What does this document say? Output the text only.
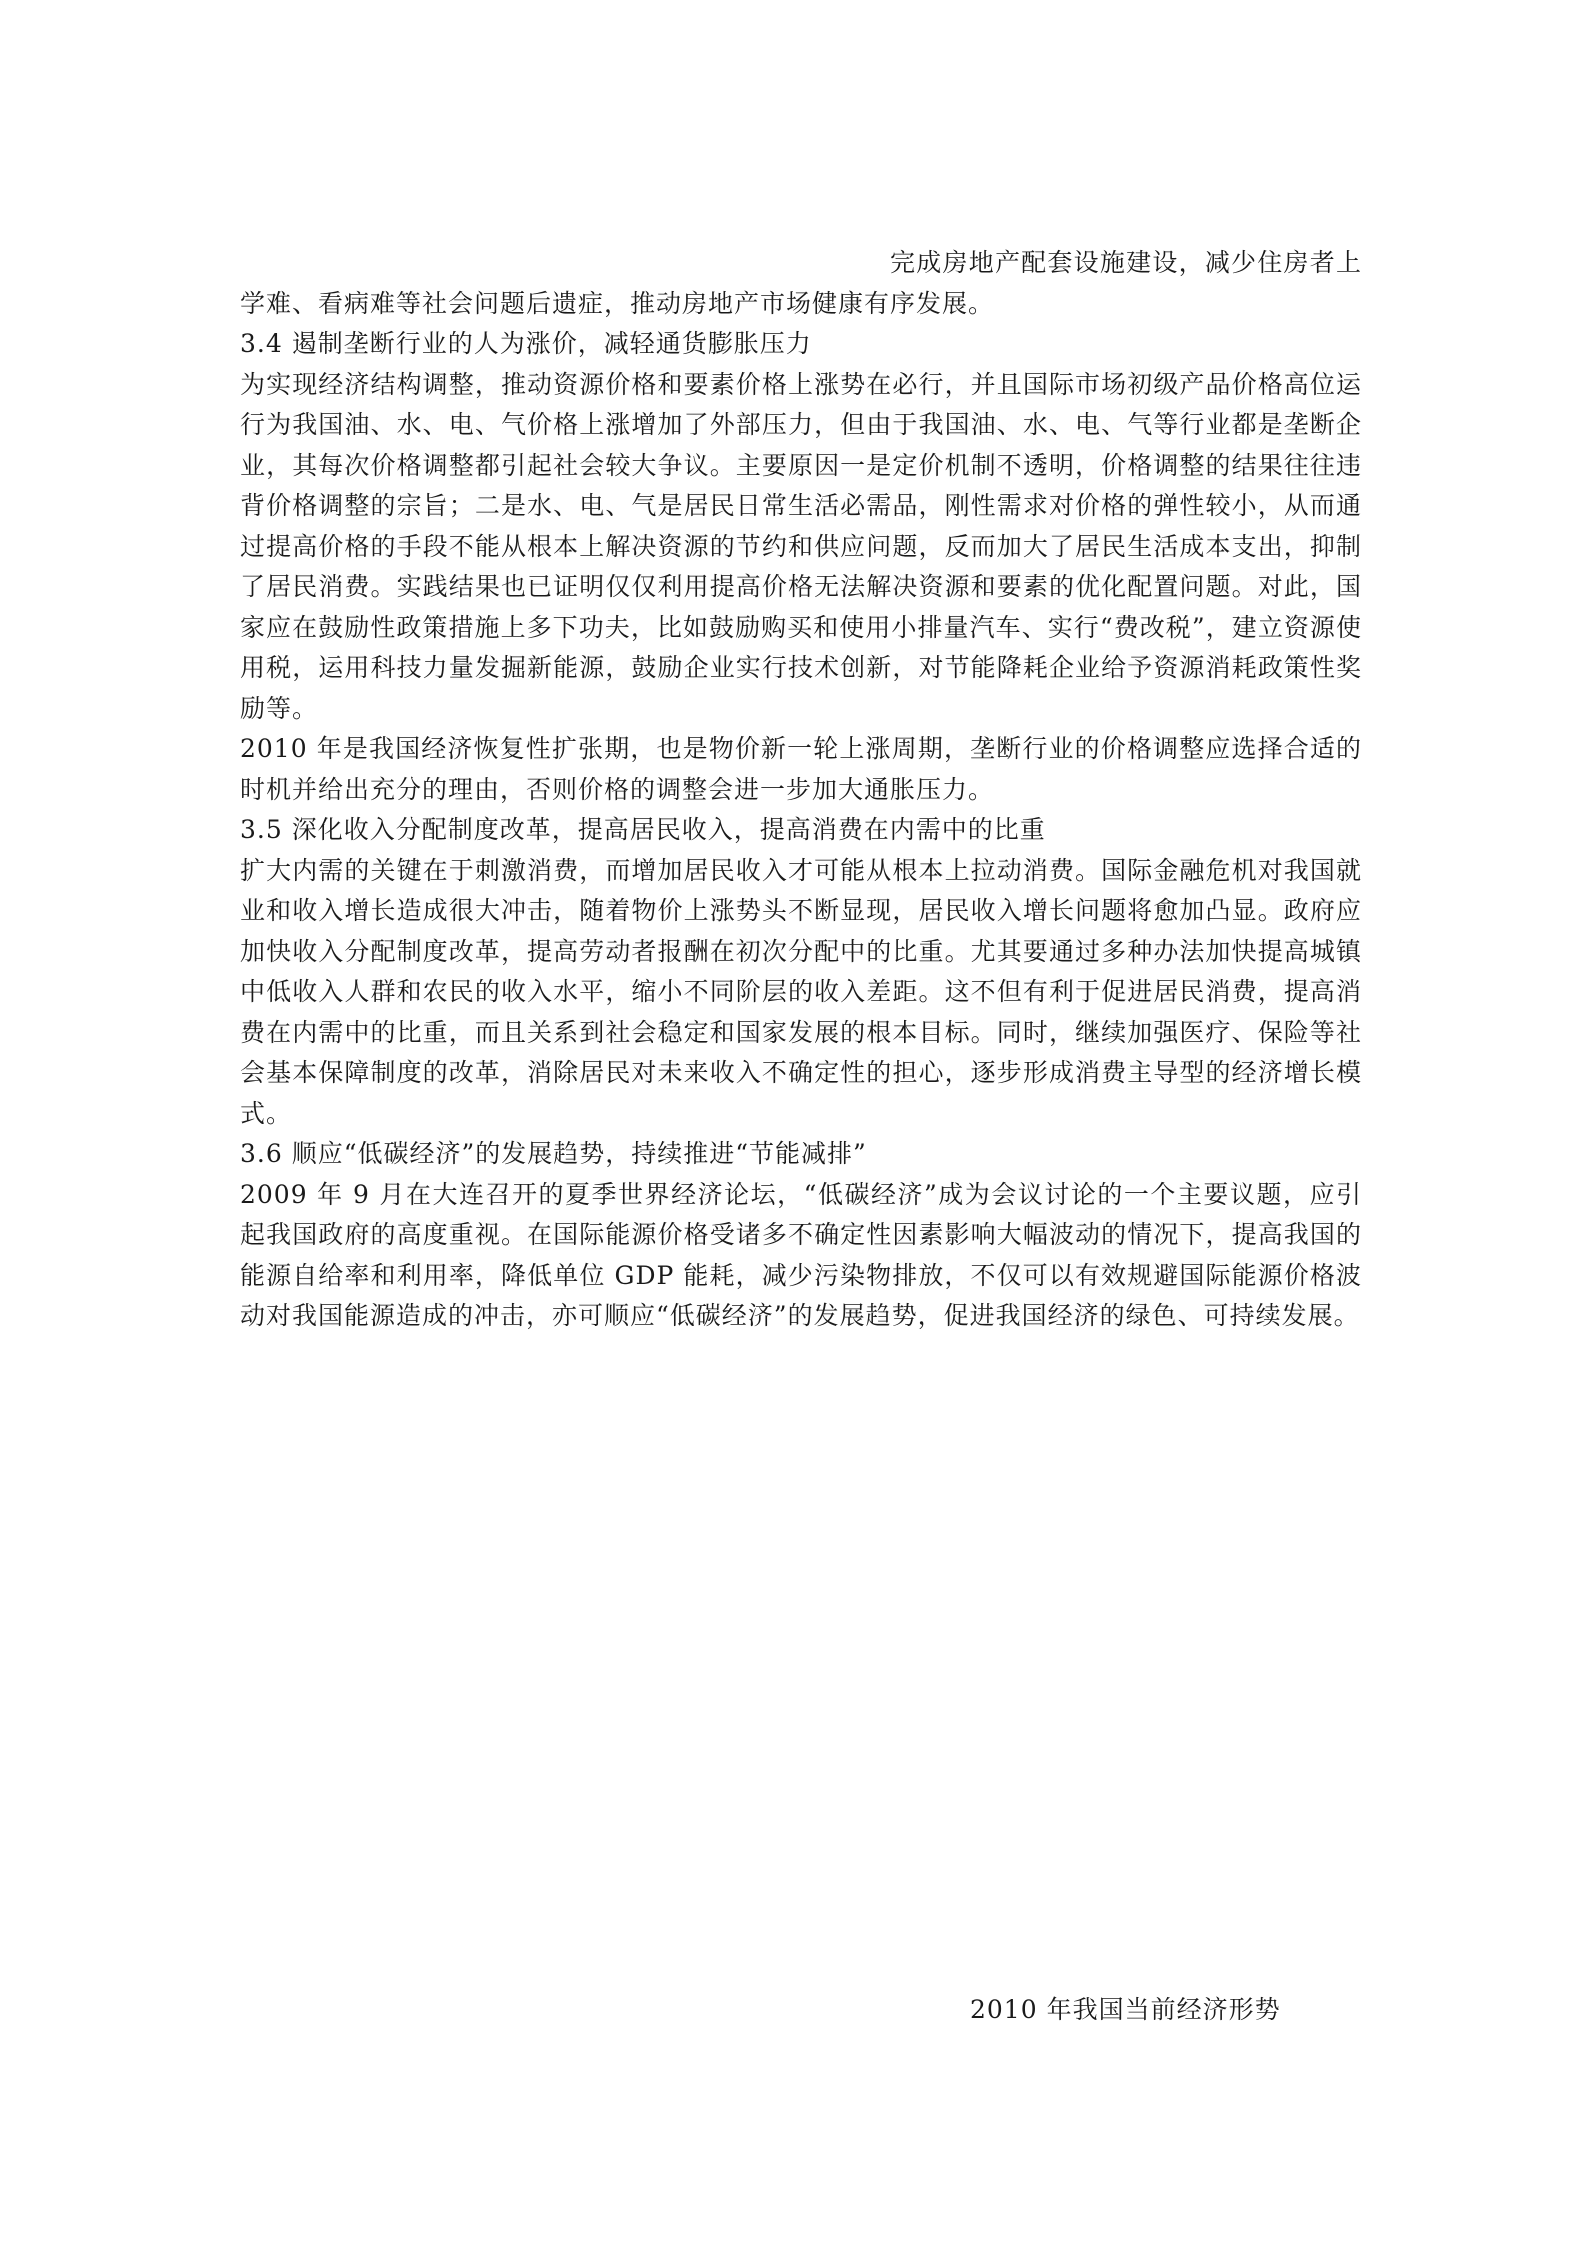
完成房地产配套设施建设，减少住房者上学难、看病难等社会问题后遗症，推动房地产市场健康有序发展。

3.4 遏制垄断行业的人为涨价，减轻通货膨胀压力

为实现经济结构调整，推动资源价格和要素价格上涨势在必行，并且国际市场初级产品价格高位运行为我国油、水、电、气价格上涨增加了外部压力，但由于我国油、水、电、气等行业都是垄断企业，其每次价格调整都引起社会较大争议。主要原因一是定价机制不透明，价格调整的结果往往违背价格调整的宗旨；二是水、电、气是居民日常生活必需品，刚性需求对价格的弹性较小，从而通过提高价格的手段不能从根本上解决资源的节约和供应问题，反而加大了居民生活成本支出，抑制了居民消费。实践结果也已证明仅仅利用提高价格无法解决资源和要素的优化配置问题。对此，国家应在鼓励性政策措施上多下功夫，比如鼓励购买和使用小排量汽车、实行“费改税”，建立资源使用税，运用科技力量发掘新能源，鼓励企业实行技术创新，对节能降耗企业给予资源消耗政策性奖励等。

2010 年是我国经济恢复性扩张期，也是物价新一轮上涨周期，垄断行业的价格调整应选择合适的时机并给出充分的理由，否则价格的调整会进一步加大通胀压力。

3.5 深化收入分配制度改革，提高居民收入，提高消费在内需中的比重

扩大内需的关键在于刺激消费，而增加居民收入才可能从根本上拉动消费。国际金融危机对我国就业和收入增长造成很大冲击，随着物价上涨势头不断显现，居民收入增长问题将愈加凸显。政府应加快收入分配制度改革，提高劳动者报酬在初次分配中的比重。尤其要通过多种办法加快提高城镇中低收入人群和农民的收入水平，缩小不同阶层的收入差距。这不但有利于促进居民消费，提高消费在内需中的比重，而且关系到社会稳定和国家发展的根本目标。同时，继续加强医疗、保险等社会基本保障制度的改革，消除居民对未来收入不确定性的担心，逐步形成消费主导型的经济增长模式。

3.6 顺应“低碳经济”的发展趋势，持续推进“节能减排”

2009 年 9 月在大连召开的夏季世界经济论坛，“低碳经济”成为会议讨论的一个主要议题，应引起我国政府的高度重视。在国际能源价格受诸多不确定性因素影响大幅波动的情况下，提高我国的能源自给率和利用率，降低单位 GDP 能耗，减少污染物排放，不仅可以有效规避国际能源价格波动对我国能源造成的冲击，亦可顺应“低碳经济”的发展趋势，促进我国经济的绿色、可持续发展。

2010 年我国当前经济形势
